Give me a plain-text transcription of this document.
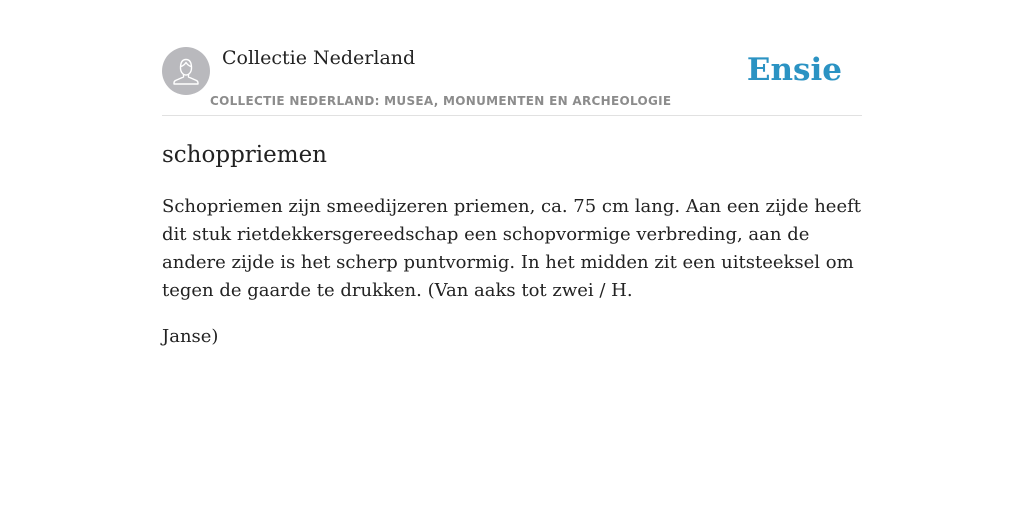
Collectie Nederland
COLLECTIE NEDERLAND: MUSEA, MONUMENTEN EN ARCHEOLOGIE
Ensie
schoppriemen

Schopriemen zijn smeedijzeren priemen, ca. 75 cm lang. Aan een zijde heeft dit stuk rietdekkersgereedschap een schopvormige verbreding, aan de andere zijde is het scherp puntvormig. In het midden zit een uitsteeksel om tegen de gaarde te drukken. (Van aaks tot zwei / H.

Janse)
